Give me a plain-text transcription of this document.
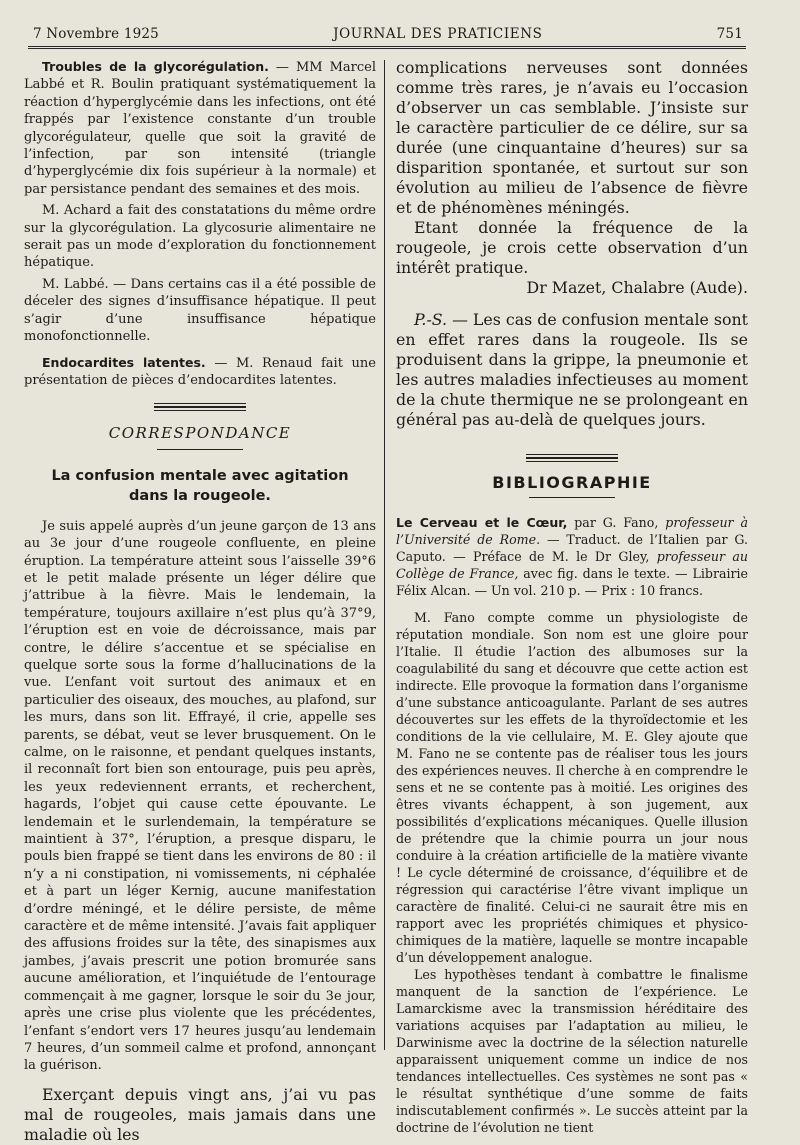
7 Novembre 1925	JOURNAL DES PRATICIENS	751

Troubles de la glycorégulation. — MM Marcel Labbé et R. Boulin pratiquant systématiquement la réaction d’hyperglycémie dans les infections, ont été frappés par l’existence constante d’un trouble glycorégulateur, quelle que soit la gravité de l’infection, par son intensité (triangle d’hyperglycémie dix fois supérieur à la normale) et par persistance pendant des semaines et des mois.

M. Achard a fait des constatations du même ordre sur la glycorégulation. La glycosurie alimentaire ne serait pas un mode d’exploration du fonctionnement hépatique.

M. Labbé. — Dans certains cas il a été possible de déceler des signes d’insuffisance hépatique. Il peut s’agir d’une insuffisance hépatique monofonctionnelle.

Endocardites latentes. — M. Renaud fait une présentation de pièces d’endocardites latentes.

CORRESPONDANCE
La confusion mentale avec agitation
dans la rougeole.

Je suis appelé auprès d’un jeune garçon de 13 ans au 3e jour d’une rougeole confluente, en pleine éruption. La température atteint sous l’aisselle 39°6 et le petit malade présente un léger délire que j’attribue à la fièvre. Mais le lendemain, la température, toujours axillaire n’est plus qu’à 37°9, l’éruption est en voie de décroissance, mais par contre, le délire s’accentue et se spécialise en quelque sorte sous la forme d’hallucinations de la vue. L’enfant voit surtout des animaux et en particulier des oiseaux, des mouches, au plafond, sur les murs, dans son lit. Effrayé, il crie, appelle ses parents, se débat, veut se lever brusquement. On le calme, on le raisonne, et pendant quelques instants, il reconnaît fort bien son entourage, puis peu après, les yeux redeviennent errants, et recherchent, hagards, l’objet qui cause cette épouvante. Le lendemain et le surlendemain, la température se maintient à 37°, l’éruption, a presque disparu, le pouls bien frappé se tient dans les environs de 80 : il n’y a ni constipation, ni vomissements, ni céphalée et à part un léger Kernig, aucune manifestation d’ordre méningé, et le délire persiste, de même caractère et de même intensité. J’avais fait appliquer des affusions froides sur la tête, des sinapismes aux jambes, j’avais prescrit une potion bromurée sans aucune amélioration, et l’inquiétude de l’entourage commençait à me gagner, lorsque le soir du 3e jour, après une crise plus violente que les précédentes, l’enfant s’endort vers 17 heures jusqu’au lendemain 7 heures, d’un sommeil calme et profond, annonçant la guérison.

Exerçant depuis vingt ans, j’ai vu pas mal de rougeoles, mais jamais dans une maladie où les

complications nerveuses sont données comme très rares, je n’avais eu l’occasion d’observer un cas semblable. J’insiste sur le caractère particulier de ce délire, sur sa durée (une cinquantaine d’heures) sur sa disparition spontanée, et surtout sur son évolution au milieu de l’absence de fièvre et de phénomènes méningés.

Etant donnée la fréquence de la rougeole, je crois cette observation d’un intérêt pratique.

Dr Mazet, Chalabre (Aude).

P.-S. — Les cas de confusion mentale sont en effet rares dans la rougeole. Ils se produisent dans la grippe, la pneumonie et les autres maladies infectieuses au moment de la chute thermique ne se prolongeant en général pas au-delà de quelques jours.

BIBLIOGRAPHIE

Le Cerveau et le Cœur, par G. Fano, professeur à l’Université de Rome. — Traduct. de l’Italien par G. Caputo. — Préface de M. le Dr Gley, professeur au Collège de France, avec fig. dans le texte. — Librairie Félix Alcan. — Un vol. 210 p. — Prix : 10 francs.

M. Fano compte comme un physiologiste de réputation mondiale. Son nom est une gloire pour l’Italie. Il étudie l’action des albumoses sur la coagulabilité du sang et découvre que cette action est indirecte. Elle provoque la formation dans l’organisme d’une substance anticoagulante. Parlant de ses autres découvertes sur les effets de la thyroïdectomie et les conditions de la vie cellulaire, M. E. Gley ajoute que M. Fano ne se contente pas de réaliser tous les jours des expériences neuves. Il cherche à en comprendre le sens et ne se contente pas à moitié. Les origines des êtres vivants échappent, à son jugement, aux possibilités d’explications mécaniques. Quelle illusion de prétendre que la chimie pourra un jour nous conduire à la création artificielle de la matière vivante ! Le cycle déterminé de croissance, d’équilibre et de régression qui caractérise l’être vivant implique un caractère de finalité. Celui-ci ne saurait être mis en rapport avec les propriétés chimiques et physico-chimiques de la matière, laquelle se montre incapable d’un développement analogue.

Les hypothèses tendant à combattre le finalisme manquent de la sanction de l’expérience. Le Lamarckisme avec la transmission héréditaire des variations acquises par l’adaptation au milieu, le Darwinisme avec la doctrine de la sélection naturelle apparaissent uniquement comme un indice de nos tendances intellectuelles. Ces systèmes ne sont pas « le résultat synthétique d’une somme de faits indiscutablement confirmés ». Le succès atteint par la doctrine de l’évolution ne tient
